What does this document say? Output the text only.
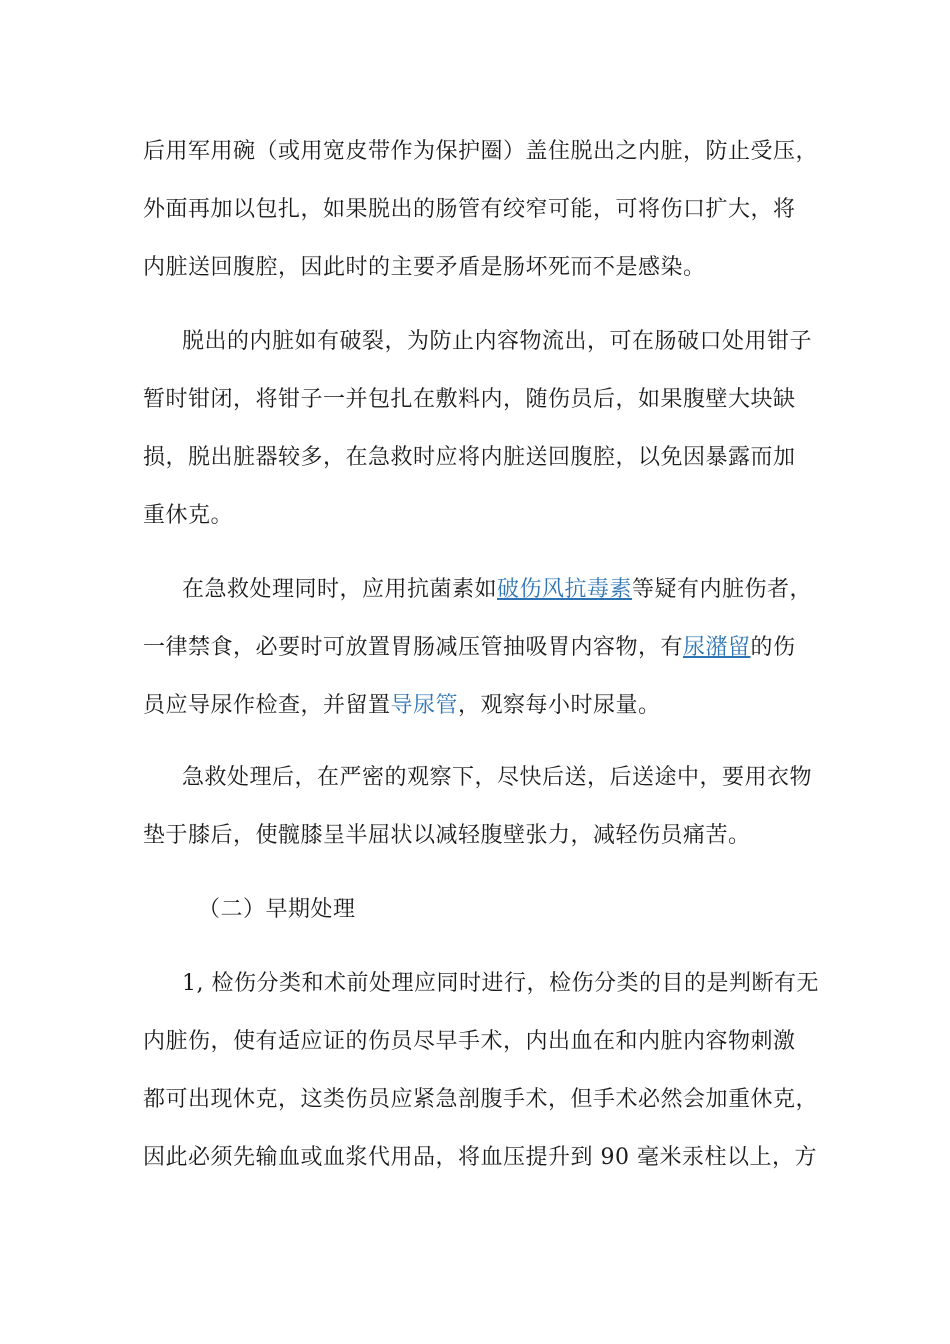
后用军用碗（或用宽皮带作为保护圈）盖住脱出之内脏，防止受压，
外面再加以包扎，如果脱出的肠管有绞窄可能，可将伤口扩大，将
内脏送回腹腔，因此时的主要矛盾是肠坏死而不是感染。
脱出的内脏如有破裂，为防止内容物流出，可在肠破口处用钳子
暂时钳闭，将钳子一并包扎在敷料内，随伤员后，如果腹壁大块缺
损，脱出脏器较多，在急救时应将内脏送回腹腔，以免因暴露而加
重休克。
在急救处理同时，应用抗菌素如破伤风抗毒素等疑有内脏伤者，
一律禁食，必要时可放置胃肠减压管抽吸胃内容物，有尿潴留的伤
员应导尿作检查，并留置导尿管，观察每小时尿量。
急救处理后，在严密的观察下，尽快后送，后送途中，要用衣物
垫于膝后，使髋膝呈半屈状以减轻腹壁张力，减轻伤员痛苦。
（二）早期处理
1, 检伤分类和术前处理应同时进行，检伤分类的目的是判断有无
内脏伤，使有适应证的伤员尽早手术，内出血在和内脏内容物刺激
都可出现休克，这类伤员应紧急剖腹手术，但手术必然会加重休克，
因此必须先输血或血浆代用品，将血压提升到 90 毫米汞柱以上，方
